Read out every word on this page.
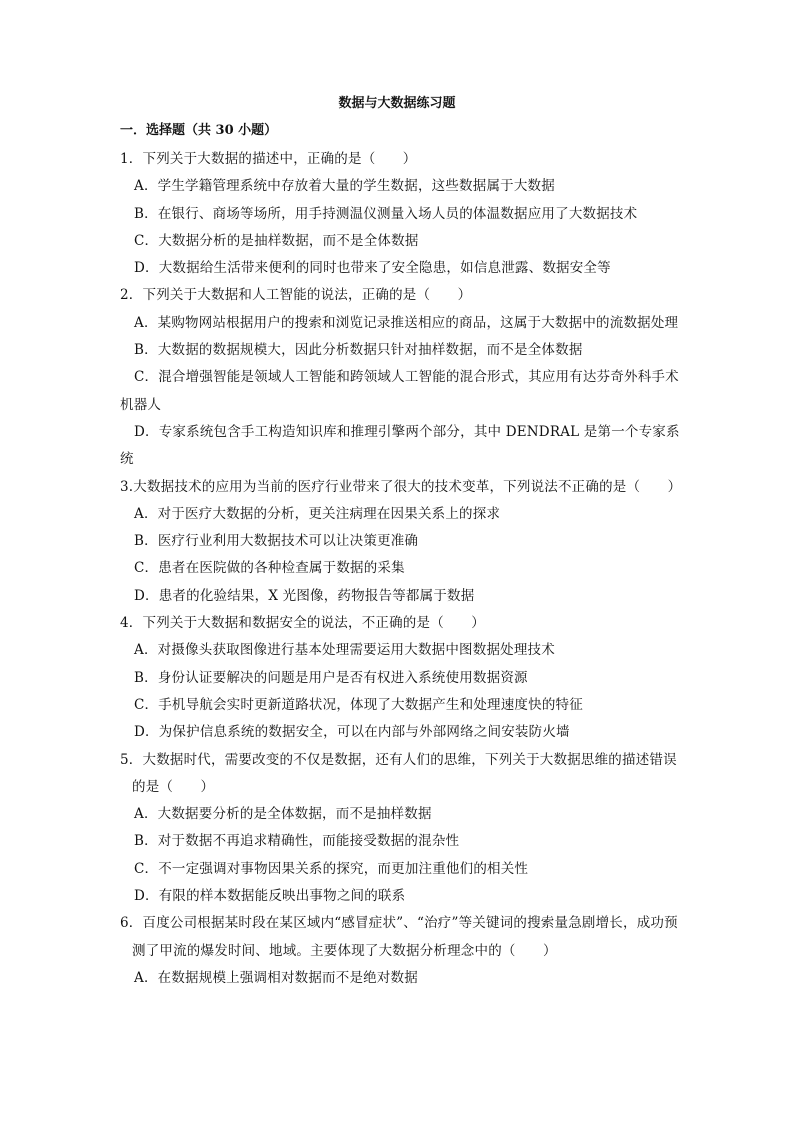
数据与大数据练习题
一．选择题（共 30 小题）
1．下列关于大数据的描述中，正确的是（　　）
A．学生学籍管理系统中存放着大量的学生数据，这些数据属于大数据
B．在银行、商场等场所，用手持测温仪测量入场人员的体温数据应用了大数据技术
C．大数据分析的是抽样数据，而不是全体数据
D．大数据给生活带来便利的同时也带来了安全隐患，如信息泄露、数据安全等
2．下列关于大数据和人工智能的说法，正确的是（　　）
A．某购物网站根据用户的搜索和浏览记录推送相应的商品，这属于大数据中的流数据处理
B．大数据的数据规模大，因此分析数据只针对抽样数据，而不是全体数据
C．混合增强智能是领域人工智能和跨领域人工智能的混合形式，其应用有达芬奇外科手术机器人
D．专家系统包含手工构造知识库和推理引擎两个部分，其中 DENDRAL 是第一个专家系统
3.大数据技术的应用为当前的医疗行业带来了很大的技术变革，下列说法不正确的是（　　）
A．对于医疗大数据的分析，更关注病理在因果关系上的探求
B．医疗行业利用大数据技术可以让决策更准确
C．患者在医院做的各种检查属于数据的采集
D．患者的化验结果，X 光图像，药物报告等都属于数据
4．下列关于大数据和数据安全的说法，不正确的是（　　）
A．对摄像头获取图像进行基本处理需要运用大数据中图数据处理技术
B．身份认证要解决的问题是用户是否有权进入系统使用数据资源
C．手机导航会实时更新道路状况，体现了大数据产生和处理速度快的特征
D．为保护信息系统的数据安全，可以在内部与外部网络之间安装防火墙
5．大数据时代，需要改变的不仅是数据，还有人们的思维，下列关于大数据思维的描述错误的是（　　）
A．大数据要分析的是全体数据，而不是抽样数据
B．对于数据不再追求精确性，而能接受数据的混杂性
C．不一定强调对事物因果关系的探究，而更加注重他们的相关性
D．有限的样本数据能反映出事物之间的联系
6．百度公司根据某时段在某区域内“感冒症状”、“治疗”等关键词的搜索量急剧增长，成功预测了甲流的爆发时间、地域。主要体现了大数据分析理念中的（　　）
A．在数据规模上强调相对数据而不是绝对数据
